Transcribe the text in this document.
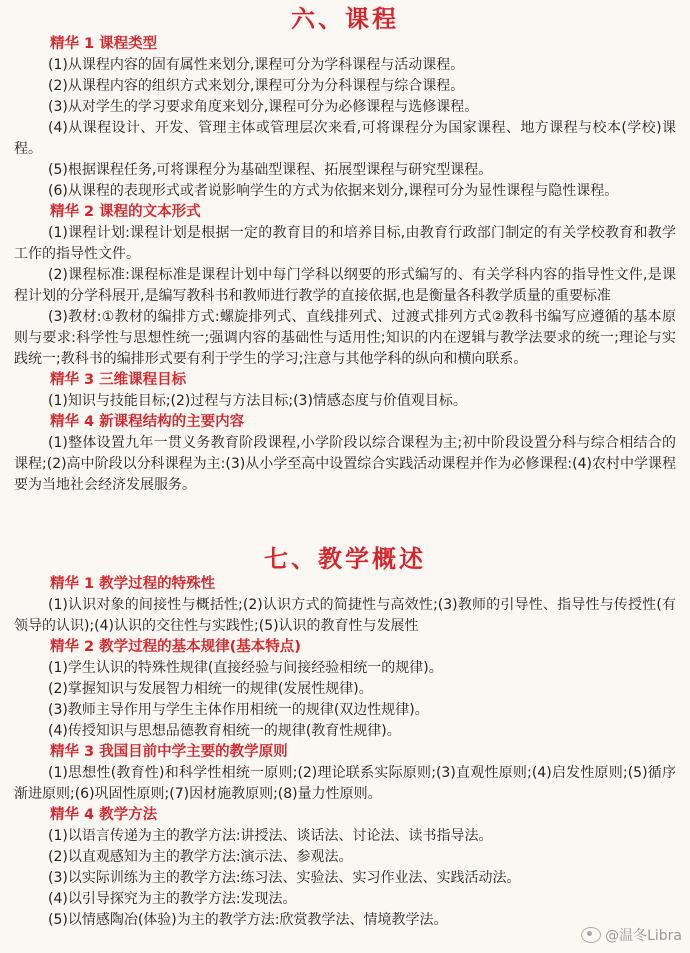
六、课程
精华 1 课程类型

(1)从课程内容的固有属性来划分,课程可分为学科课程与活动课程。

(2)从课程内容的组织方式来划分,课程可分为分科课程与综合课程。

(3)从对学生的学习要求角度来划分,课程可分为必修课程与选修课程。

(4)从课程设计、开发、管理主体或管理层次来看,可将课程分为国家课程、地方课程与校本(学校)课程。

(5)根据课程任务,可将课程分为基础型课程、拓展型课程与研究型课程。

(6)从课程的表现形式或者说影响学生的方式为依据来划分,课程可分为显性课程与隐性课程。

精华 2 课程的文本形式

(1)课程计划:课程计划是根据一定的教育目的和培养目标,由教育行政部门制定的有关学校教育和教学工作的指导性文件。

(2)课程标准:课程标准是课程计划中每门学科以纲要的形式编写的、有关学科内容的指导性文件,是课程计划的分学科展开,是编写教科书和教师进行教学的直接依据,也是衡量各科教学质量的重要标准

(3)教材:①教材的编排方式:螺旋排列式、直线排列式、过渡式排列方式②教科书编写应遵循的基本原则与要求:科学性与思想性统一;强调内容的基础性与适用性;知识的内在逻辑与教学法要求的统一;理论与实践统一;教科书的编排形式要有利于学生的学习;注意与其他学科的纵向和横向联系。

精华 3 三维课程目标

(1)知识与技能目标;(2)过程与方法目标;(3)情感态度与价值观目标。

精华 4 新课程结构的主要内容

(1)整体设置九年一贯义务教育阶段课程,小学阶段以综合课程为主;初中阶段设置分科与综合相结合的课程;(2)高中阶段以分科课程为主:(3)从小学至高中设置综合实践活动课程并作为必修课程:(4)农村中学课程要为当地社会经济发展服务。

七、教学概述
精华 1 教学过程的特殊性

(1)认识对象的间接性与概括性;(2)认识方式的简捷性与高效性;(3)教师的引导性、指导性与传授性(有领导的认识);(4)认识的交往性与实践性;(5)认识的教育性与发展性

精华 2 教学过程的基本规律(基本特点)

(1)学生认识的特殊性规律(直接经验与间接经验相统一的规律)。

(2)掌握知识与发展智力相统一的规律(发展性规律)。

(3)教师主导作用与学生主体作用相统一的规律(双边性规律)。

(4)传授知识与思想品德教育相统一的规律(教育性规律)。

精华 3 我国目前中学主要的教学原则

(1)思想性(教育性)和科学性相统一原则;(2)理论联系实际原则;(3)直观性原则;(4)启发性原则;(5)循序渐进原则;(6)巩固性原则;(7)因材施教原则;(8)量力性原则。

精华 4 教学方法

(1)以语言传递为主的教学方法:讲授法、谈话法、讨论法、读书指导法。

(2)以直观感知为主的教学方法:演示法、参观法。

(3)以实际训练为主的教学方法:练习法、实验法、实习作业法、实践活动法。

(4)以引导探究为主的教学方法:发现法。

(5)以情感陶冶(体验)为主的教学方法:欣赏教学法、情境教学法。

@温冬Libra
